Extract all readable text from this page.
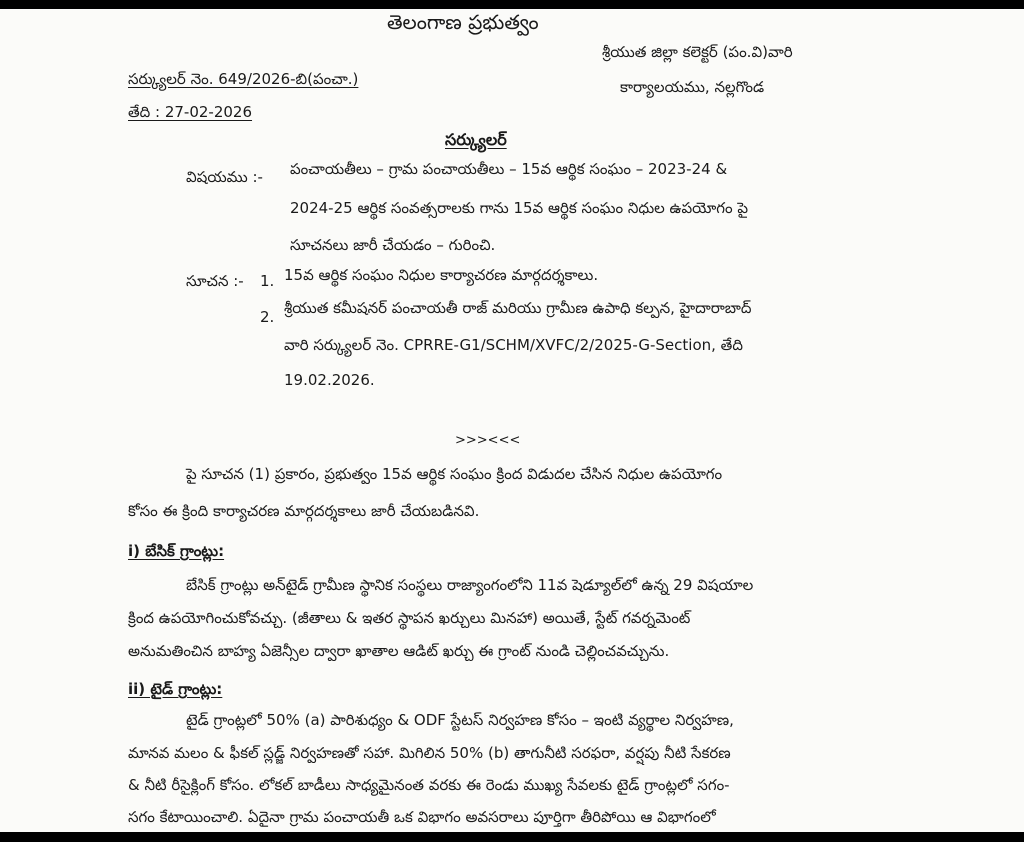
తెలంగాణ ప్రభుత్వం
సర్క్యులర్ నెం. 649/2026-బి(పంచా.)
తేది : 27-02-2026
శ్రీయుత జిల్లా కలెక్టర్ (పం.వి)వారి
కార్యాలయము, నల్లగొండ
సర్క్యులర్
విషయము :- పంచాయతీలు – గ్రామ పంచాయతీలు – 15వ ఆర్థిక సంఘం – 2023-24 &
2024-25 ఆర్థిక సంవత్సరాలకు గాను 15వ ఆర్థిక సంఘం నిధుల ఉపయోగం పై
సూచనలు జారీ చేయడం – గురించి.
సూచన :- 1. 15వ ఆర్థిక సంఘం నిధుల కార్యాచరణ మార్గదర్శకాలు.
2. శ్రీయుత కమీషనర్ పంచాయతీ రాజ్ మరియు గ్రామీణ ఉపాధి కల్పన, హైదారాబాద్
వారి సర్క్యులర్ నెం. CPRRE-G1/SCHM/XVFC/2/2025-G-Section, తేది
19.02.2026.
>>><<<
పై సూచన (1) ప్రకారం, ప్రభుత్వం 15వ ఆర్థిక సంఘం క్రింద విడుదల చేసిన నిధుల ఉపయోగం
కోసం ఈ క్రింది కార్యాచరణ మార్గదర్శకాలు జారీ చేయబడినవి.
i) బేసిక్ గ్రాంట్లు:
బేసిక్ గ్రాంట్లు అన్‌టైడ్ గ్రామీణ స్థానిక సంస్థలు రాజ్యాంగంలోని 11వ షెడ్యూల్‌లో ఉన్న 29 విషయాల
క్రింద ఉపయోగించుకోవచ్చు. (జీతాలు & ఇతర స్థాపన ఖర్చులు మినహా) అయితే, స్టేట్ గవర్నమెంట్
అనుమతించిన బాహ్య ఏజెన్సీల ద్వారా ఖాతాల ఆడిట్ ఖర్చు ఈ గ్రాంట్ నుండి చెల్లించవచ్చును.
ii) టైడ్ గ్రాంట్లు:
టైడ్ గ్రాంట్లలో 50% (a) పారిశుధ్యం & ODF స్టేటస్ నిర్వహణ కోసం – ఇంటి వ్యర్థాల నిర్వహణ,
మానవ మలం & ఫీకల్ స్లడ్జ్ నిర్వహణతో సహా. మిగిలిన 50% (b) తాగునీటి సరఫరా, వర్షపు నీటి సేకరణ
& నీటి రీసైక్లింగ్ కోసం. లోకల్ బాడీలు సాధ్యమైనంత వరకు ఈ రెండు ముఖ్య సేవలకు టైడ్ గ్రాంట్లలో సగం-
సగం కేటాయించాలి. ఏదైనా గ్రామ పంచాయతీ ఒక విభాగం అవసరాలు పూర్తిగా తీరిపోయి ఆ విభాగంలో
